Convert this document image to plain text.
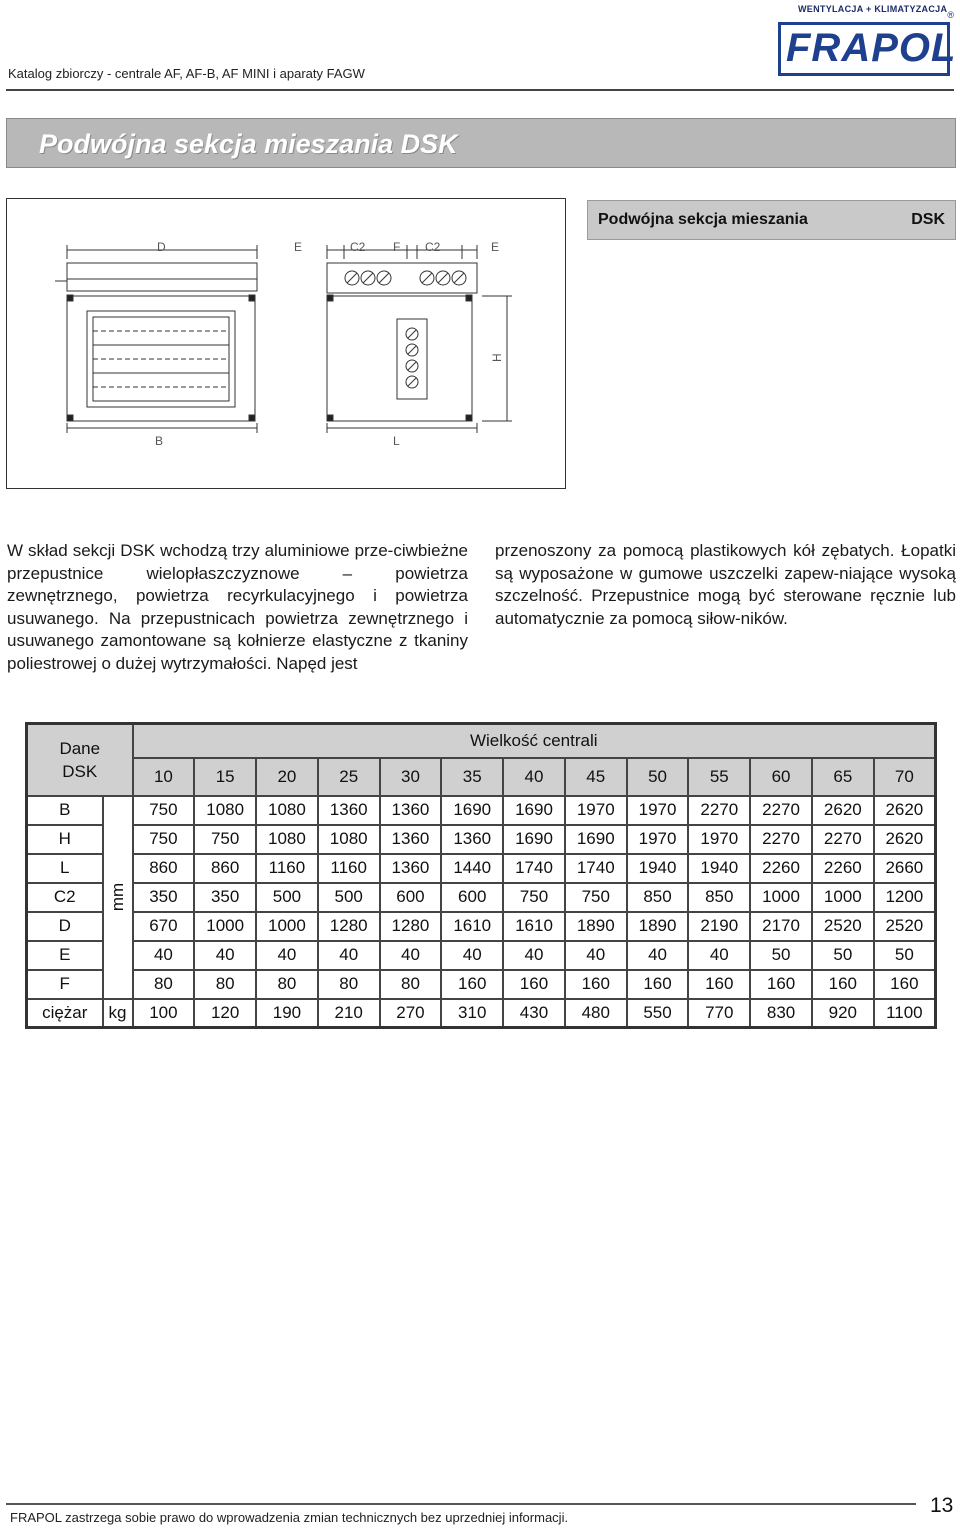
Katalog zbiorczy - centrale AF, AF-B, AF MINI i aparaty FAGW
WENTYLACJA + KLIMATYZACJA
®
FRAPOL
Podwójna sekcja mieszania DSK
D	E	C2 F C2	E
H
B	L
Podwójna sekcja mieszania	DSK
W skład sekcji DSK wchodzą trzy aluminiowe prze-ciwbieżne przepustnice wielopłaszczyznowe – powietrza zewnętrznego, powietrza recyrkulacyjnego i powietrza usuwanego. Na przepustnicach powietrza zewnętrznego i usuwanego zamontowane są kołnierze elastyczne z tkaniny poliestrowej o dużej wytrzymałości. Napęd jest
przenoszony za pomocą plastikowych kół zębatych. Łopatki są wyposażone w gumowe uszczelki zapew-niające wysoką szczelność. Przepustnice mogą być sterowane ręcznie lub automatycznie za pomocą siłow-ników.
Dane
DSK		Wielkość centrali												
		10	15	20	25	30	35	40	45	50	55	60	65	70
B	mm	750	1080	1080	1360	1360	1690	1690	1970	1970	2270	2270	2620	2620
H		750	750	1080	1080	1360	1360	1690	1690	1970	1970	2270	2270	2620
L		860	860	1160	1160	1360	1440	1740	1740	1940	1940	2260	2260	2660
C2		350	350	500	500	600	600	750	750	850	850	1000	1000	1200
D		670	1000	1000	1280	1280	1610	1610	1890	1890	2190	2170	2520	2520
E		40	40	40	40	40	40	40	40	40	40	50	50	50
F		80	80	80	80	80	160	160	160	160	160	160	160	160
ciężar	kg	100	120	190	210	270	310	430	480	550	770	830	920	1100
FRAPOL zastrzega sobie prawo do wprowadzenia zmian technicznych bez uprzedniej informacji.
13
